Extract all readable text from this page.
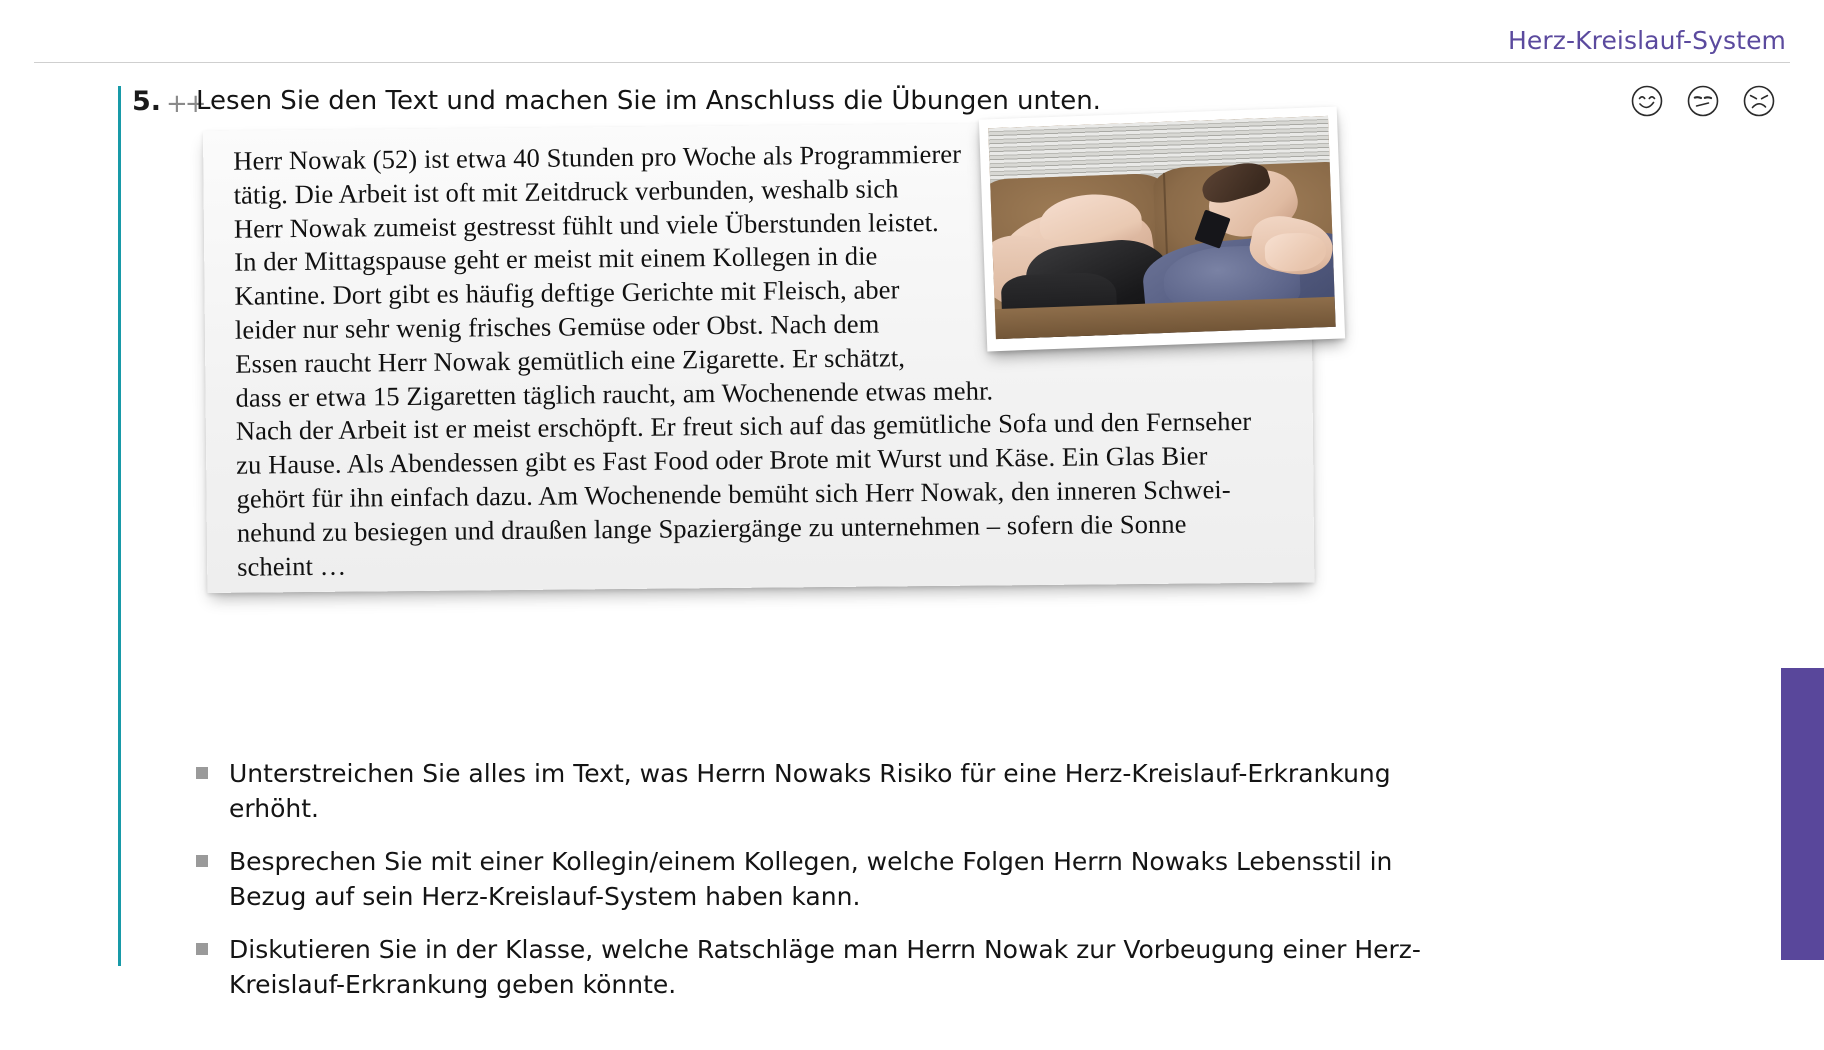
Herz-Kreislauf-System
5. ++
Lesen Sie den Text und machen Sie im Anschluss die Übungen unten.

Herr Nowak (52) ist etwa 40 Stunden pro Woche als Programmierer
tätig. Die Arbeit ist oft mit Zeitdruck verbunden, weshalb sich
Herr Nowak zumeist gestresst fühlt und viele Überstunden leistet.
In der Mittagspause geht er meist mit einem Kollegen in die
Kantine. Dort gibt es häufig deftige Gerichte mit Fleisch, aber
leider nur sehr wenig frisches Gemüse oder Obst. Nach dem
Essen raucht Herr Nowak gemütlich eine Zigarette. Er schätzt,
dass er etwa 15 Zigaretten täglich raucht, am Wochenende etwas mehr.
Nach der Arbeit ist er meist erschöpft. Er freut sich auf das gemütliche Sofa und den Fernseher
zu Hause. Als Abendessen gibt es Fast Food oder Brote mit Wurst und Käse. Ein Glas Bier
gehört für ihn einfach dazu. Am Wochenende bemüht sich Herr Nowak, den inneren Schwei-
nehund zu besiegen und draußen lange Spaziergänge zu unternehmen – sofern die Sonne
scheint …

Unterstreichen Sie alles im Text, was Herrn Nowaks Risiko für eine Herz-Kreislauf-Erkrankung erhöht.
Besprechen Sie mit einer Kollegin/einem Kollegen, welche Folgen Herrn Nowaks Lebensstil in Bezug auf sein Herz-Kreislauf-System haben kann.
Diskutieren Sie in der Klasse, welche Ratschläge man Herrn Nowak zur Vorbeugung einer Herz-Kreislauf-Erkrankung geben könnte.
